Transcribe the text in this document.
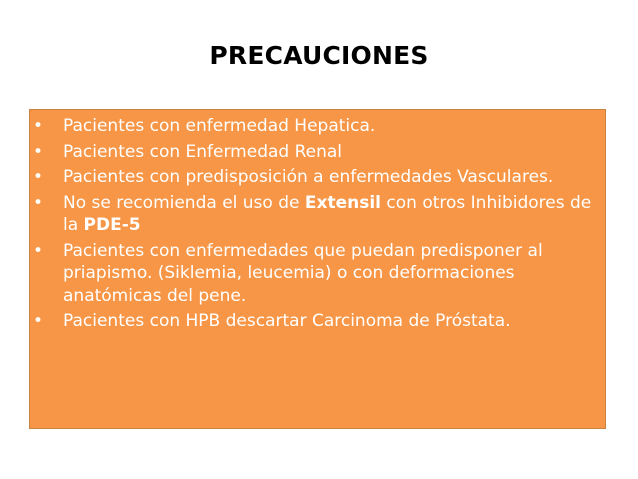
PRECAUCIONES
• Pacientes con enfermedad Hepatica.
• Pacientes con Enfermedad Renal
• Pacientes con predisposición a enfermedades Vasculares.
• No se recomienda el uso de Extensil con otros Inhibidores de la PDE-5
• Pacientes con enfermedades que puedan predisponer al priapismo. (Siklemia, leucemia) o con deformaciones anatómicas del pene.
• Pacientes con HPB descartar Carcinoma de Próstata.
